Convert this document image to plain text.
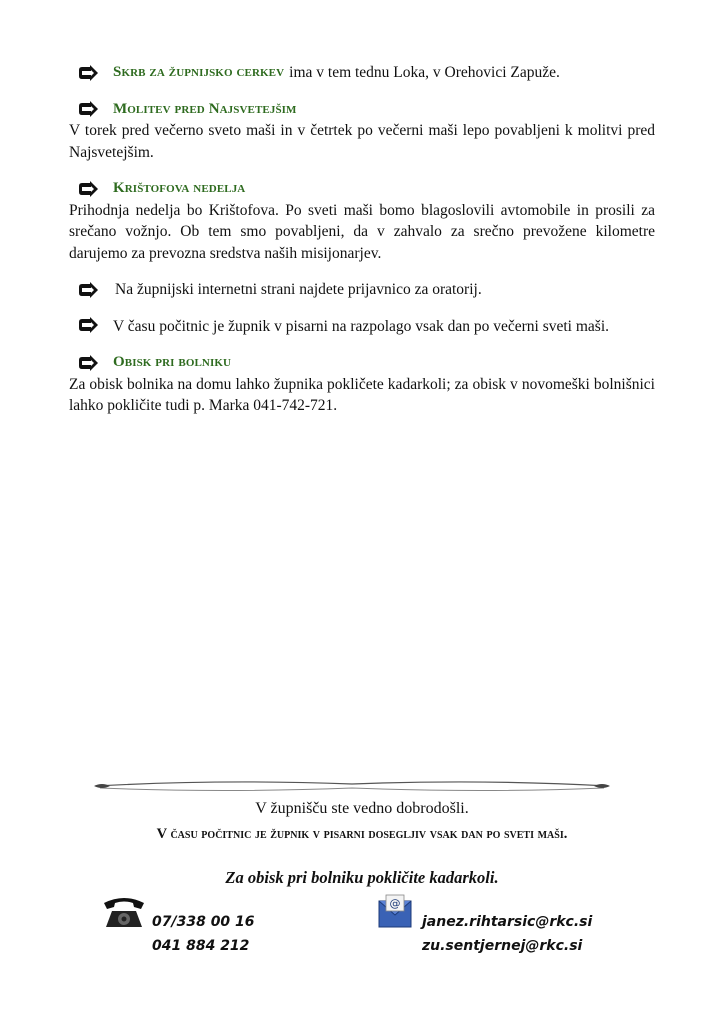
Skrb za župnijsko cerkev ima v tem tednu Loka, v Orehovici Zapuže.
Molitev pred Najsvetejšim
V torek pred večerno sveto maši in v četrtek po večerni maši lepo povabljeni k molitvi pred Najsvetejšim.
Krištofova nedelja
Prihodnja nedelja bo Krištofova. Po sveti maši bomo blagoslovili avtomobile in prosili za srečano vožnjo. Ob tem smo povabljeni, da v zahvalo za srečno prevožene kilometre darujemo za prevozna sredstva naših misijonarjev.
Na župnijski internetni strani najdete prijavnico za oratorij.
V času počitnic je župnik v pisarni na razpolago vsak dan po večerni sveti maši.
Obisk pri bolniku
Za obisk bolnika na domu lahko župnika pokličete kadarkoli; za obisk v novomeški bolnišnici lahko pokličite tudi p. Marka 041-742-721.
V župnišču ste vedno dobrodošli.
V času počitnic je župnik v pisarni dosegljiv vsak dan po sveti maši.
Za obisk pri bolniku pokličite kadarkoli.
07/338 00 16
041 884 212
@
janez.rihtarsic@rkc.si
zu.sentjernej@rkc.si
